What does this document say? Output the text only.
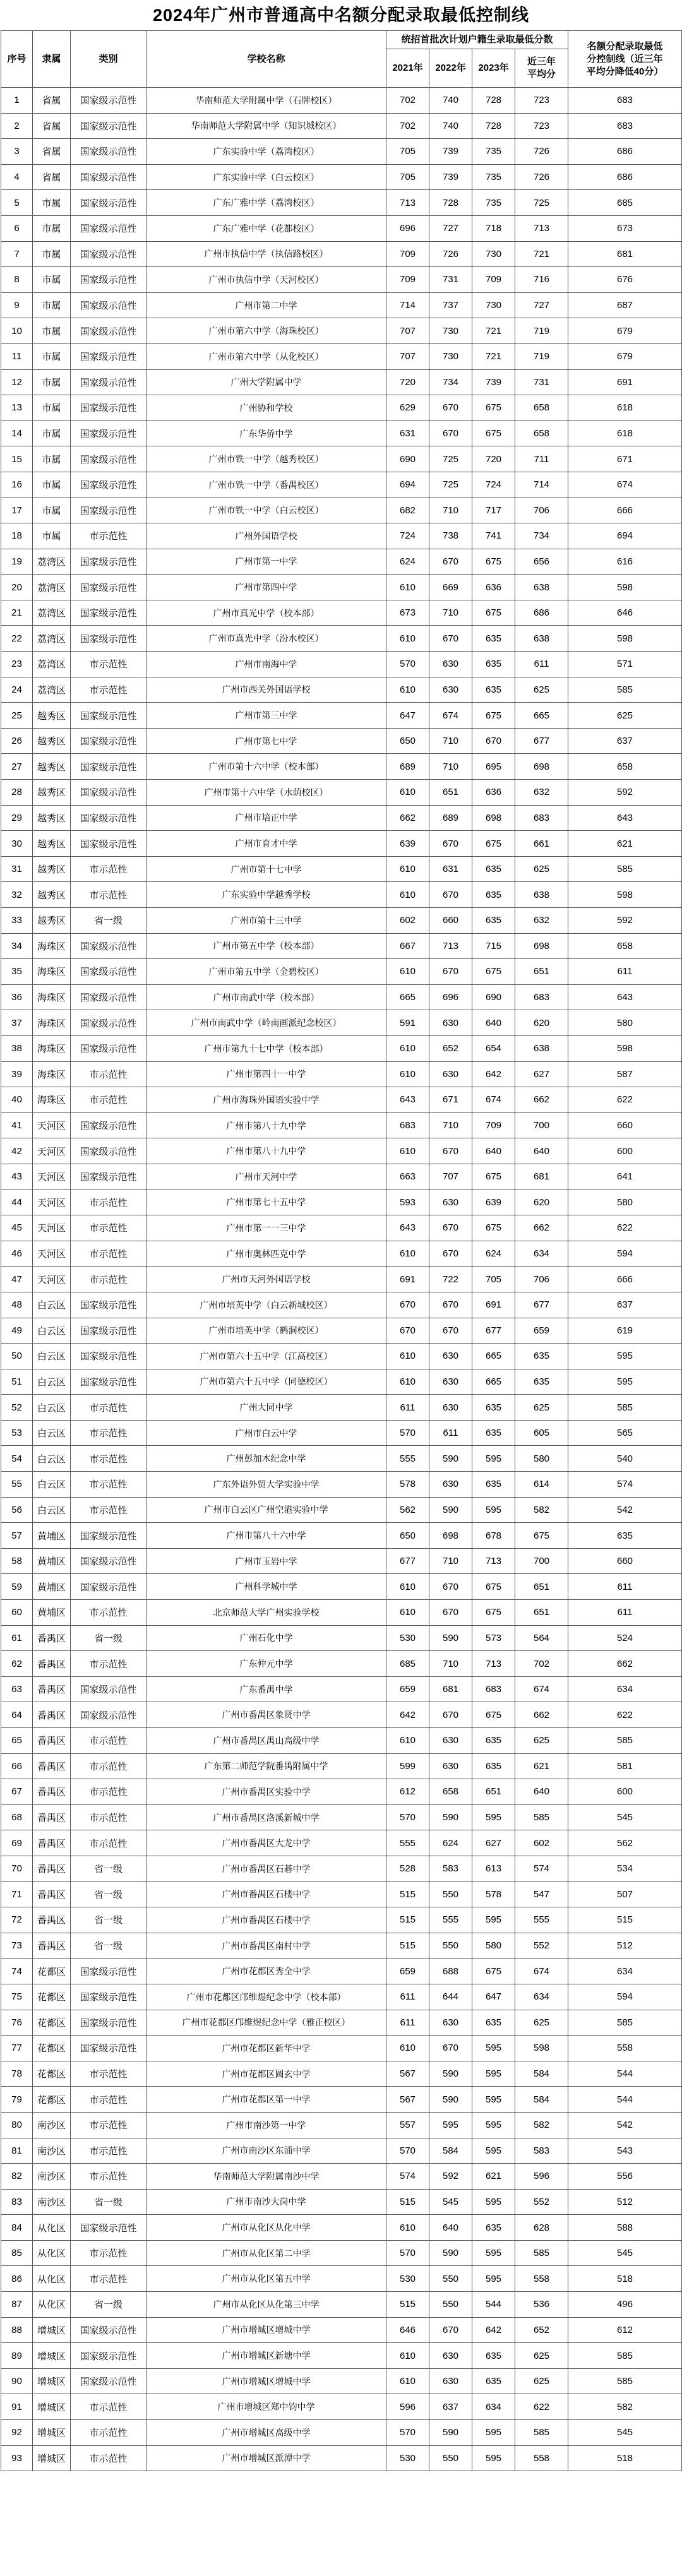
2024年广州市普通高中名额分配录取最低控制线
序号	隶属	类别	学校名称	统招首批次计划户籍生录取最低分数				名额分配录取最低分控制线（近三年平均分降低40分）
				2021年	2022年	2023年	近三年平均分	
1	省属	国家级示范性	华南师范大学附属中学（石牌校区）	702	740	728	723	683
2	省属	国家级示范性	华南师范大学附属中学（知识城校区）	702	740	728	723	683
3	省属	国家级示范性	广东实验中学（荔湾校区）	705	739	735	726	686
4	省属	国家级示范性	广东实验中学（白云校区）	705	739	735	726	686
5	市属	国家级示范性	广东广雅中学（荔湾校区）	713	728	735	725	685
6	市属	国家级示范性	广东广雅中学（花都校区）	696	727	718	713	673
7	市属	国家级示范性	广州市执信中学（执信路校区）	709	726	730	721	681
8	市属	国家级示范性	广州市执信中学（天河校区）	709	731	709	716	676
9	市属	国家级示范性	广州市第二中学	714	737	730	727	687
10	市属	国家级示范性	广州市第六中学（海珠校区）	707	730	721	719	679
11	市属	国家级示范性	广州市第六中学（从化校区）	707	730	721	719	679
12	市属	国家级示范性	广州大学附属中学	720	734	739	731	691
13	市属	国家级示范性	广州协和学校	629	670	675	658	618
14	市属	国家级示范性	广东华侨中学	631	670	675	658	618
15	市属	国家级示范性	广州市铁一中学（越秀校区）	690	725	720	711	671
16	市属	国家级示范性	广州市铁一中学（番禺校区）	694	725	724	714	674
17	市属	国家级示范性	广州市铁一中学（白云校区）	682	710	717	706	666
18	市属	市示范性	广州外国语学校	724	738	741	734	694
19	荔湾区	国家级示范性	广州市第一中学	624	670	675	656	616
20	荔湾区	国家级示范性	广州市第四中学	610	669	636	638	598
21	荔湾区	国家级示范性	广州市真光中学（校本部）	673	710	675	686	646
22	荔湾区	国家级示范性	广州市真光中学（汾水校区）	610	670	635	638	598
23	荔湾区	市示范性	广州市南海中学	570	630	635	611	571
24	荔湾区	市示范性	广州市西关外国语学校	610	630	635	625	585
25	越秀区	国家级示范性	广州市第三中学	647	674	675	665	625
26	越秀区	国家级示范性	广州市第七中学	650	710	670	677	637
27	越秀区	国家级示范性	广州市第十六中学（校本部）	689	710	695	698	658
28	越秀区	国家级示范性	广州市第十六中学（水荫校区）	610	651	636	632	592
29	越秀区	国家级示范性	广州市培正中学	662	689	698	683	643
30	越秀区	国家级示范性	广州市育才中学	639	670	675	661	621
31	越秀区	市示范性	广州市第十七中学	610	631	635	625	585
32	越秀区	市示范性	广东实验中学越秀学校	610	670	635	638	598
33	越秀区	省一级	广州市第十三中学	602	660	635	632	592
34	海珠区	国家级示范性	广州市第五中学（校本部）	667	713	715	698	658
35	海珠区	国家级示范性	广州市第五中学（金碧校区）	610	670	675	651	611
36	海珠区	国家级示范性	广州市南武中学（校本部）	665	696	690	683	643
37	海珠区	国家级示范性	广州市南武中学（岭南画派纪念校区）	591	630	640	620	580
38	海珠区	国家级示范性	广州市第九十七中学（校本部）	610	652	654	638	598
39	海珠区	市示范性	广州市第四十一中学	610	630	642	627	587
40	海珠区	市示范性	广州市海珠外国语实验中学	643	671	674	662	622
41	天河区	国家级示范性	广州市第八十九中学	683	710	709	700	660
42	天河区	国家级示范性	广州市第八十九中学	610	670	640	640	600
43	天河区	国家级示范性	广州市天河中学	663	707	675	681	641
44	天河区	市示范性	广州市第七十五中学	593	630	639	620	580
45	天河区	市示范性	广州市第一一三中学	643	670	675	662	622
46	天河区	市示范性	广州市奥林匹克中学	610	670	624	634	594
47	天河区	市示范性	广州市天河外国语学校	691	722	705	706	666
48	白云区	国家级示范性	广州市培英中学（白云新城校区）	670	670	691	677	637
49	白云区	国家级示范性	广州市培英中学（鹤洞校区）	670	670	677	659	619
50	白云区	国家级示范性	广州市第六十五中学（江高校区）	610	630	665	635	595
51	白云区	国家级示范性	广州市第六十五中学（同德校区）	610	630	665	635	595
52	白云区	市示范性	广州大同中学	611	630	635	625	585
53	白云区	市示范性	广州市白云中学	570	611	635	605	565
54	白云区	市示范性	广州彭加木纪念中学	555	590	595	580	540
55	白云区	市示范性	广东外语外贸大学实验中学	578	630	635	614	574
56	白云区	市示范性	广州市白云区广州空港实验中学	562	590	595	582	542
57	黄埔区	国家级示范性	广州市第八十六中学	650	698	678	675	635
58	黄埔区	国家级示范性	广州市玉岩中学	677	710	713	700	660
59	黄埔区	国家级示范性	广州科学城中学	610	670	675	651	611
60	黄埔区	市示范性	北京师范大学广州实验学校	610	670	675	651	611
61	番禺区	省一级	广州石化中学	530	590	573	564	524
62	番禺区	市示范性	广东仲元中学	685	710	713	702	662
63	番禺区	国家级示范性	广东番禺中学	659	681	683	674	634
64	番禺区	国家级示范性	广州市番禺区象贤中学	642	670	675	662	622
65	番禺区	市示范性	广州市番禺区禺山高级中学	610	630	635	625	585
66	番禺区	市示范性	广东第二师范学院番禺附属中学	599	630	635	621	581
67	番禺区	市示范性	广州市番禺区实验中学	612	658	651	640	600
68	番禺区	市示范性	广州市番禺区洛溪新城中学	570	590	595	585	545
69	番禺区	市示范性	广州市番禺区大龙中学	555	624	627	602	562
70	番禺区	省一级	广州市番禺区石碁中学	528	583	613	574	534
71	番禺区	省一级	广州市番禺区石楼中学	515	550	578	547	507
72	番禺区	省一级	广州市番禺区石楼中学	515	555	595	555	515
73	番禺区	省一级	广州市番禺区南村中学	515	550	580	552	512
74	花都区	国家级示范性	广州市花都区秀全中学	659	688	675	674	634
75	花都区	国家级示范性	广州市花都区邝维煜纪念中学（校本部）	611	644	647	634	594
76	花都区	国家级示范性	广州市花都区邝维煜纪念中学（雅正校区）	611	630	635	625	585
77	花都区	国家级示范性	广州市花都区新华中学	610	670	595	598	558
78	花都区	市示范性	广州市花都区圆玄中学	567	590	595	584	544
79	花都区	市示范性	广州市花都区第一中学	567	590	595	584	544
80	南沙区	市示范性	广州市南沙第一中学	557	595	595	582	542
81	南沙区	市示范性	广州市南沙区东涌中学	570	584	595	583	543
82	南沙区	市示范性	华南师范大学附属南沙中学	574	592	621	596	556
83	南沙区	省一级	广州市南沙大岗中学	515	545	595	552	512
84	从化区	国家级示范性	广州市从化区从化中学	610	640	635	628	588
85	从化区	市示范性	广州市从化区第二中学	570	590	595	585	545
86	从化区	市示范性	广州市从化区第五中学	530	550	595	558	518
87	从化区	省一级	广州市从化区从化第三中学	515	550	544	536	496
88	增城区	国家级示范性	广州市增城区增城中学	646	670	642	652	612
89	增城区	国家级示范性	广州市增城区新塘中学	610	630	635	625	585
90	增城区	国家级示范性	广州市增城区增城中学	610	630	635	625	585
91	增城区	市示范性	广州市增城区郑中钧中学	596	637	634	622	582
92	增城区	市示范性	广州市增城区高级中学	570	590	595	585	545
93	增城区	市示范性	广州市增城区派潭中学	530	550	595	558	518
